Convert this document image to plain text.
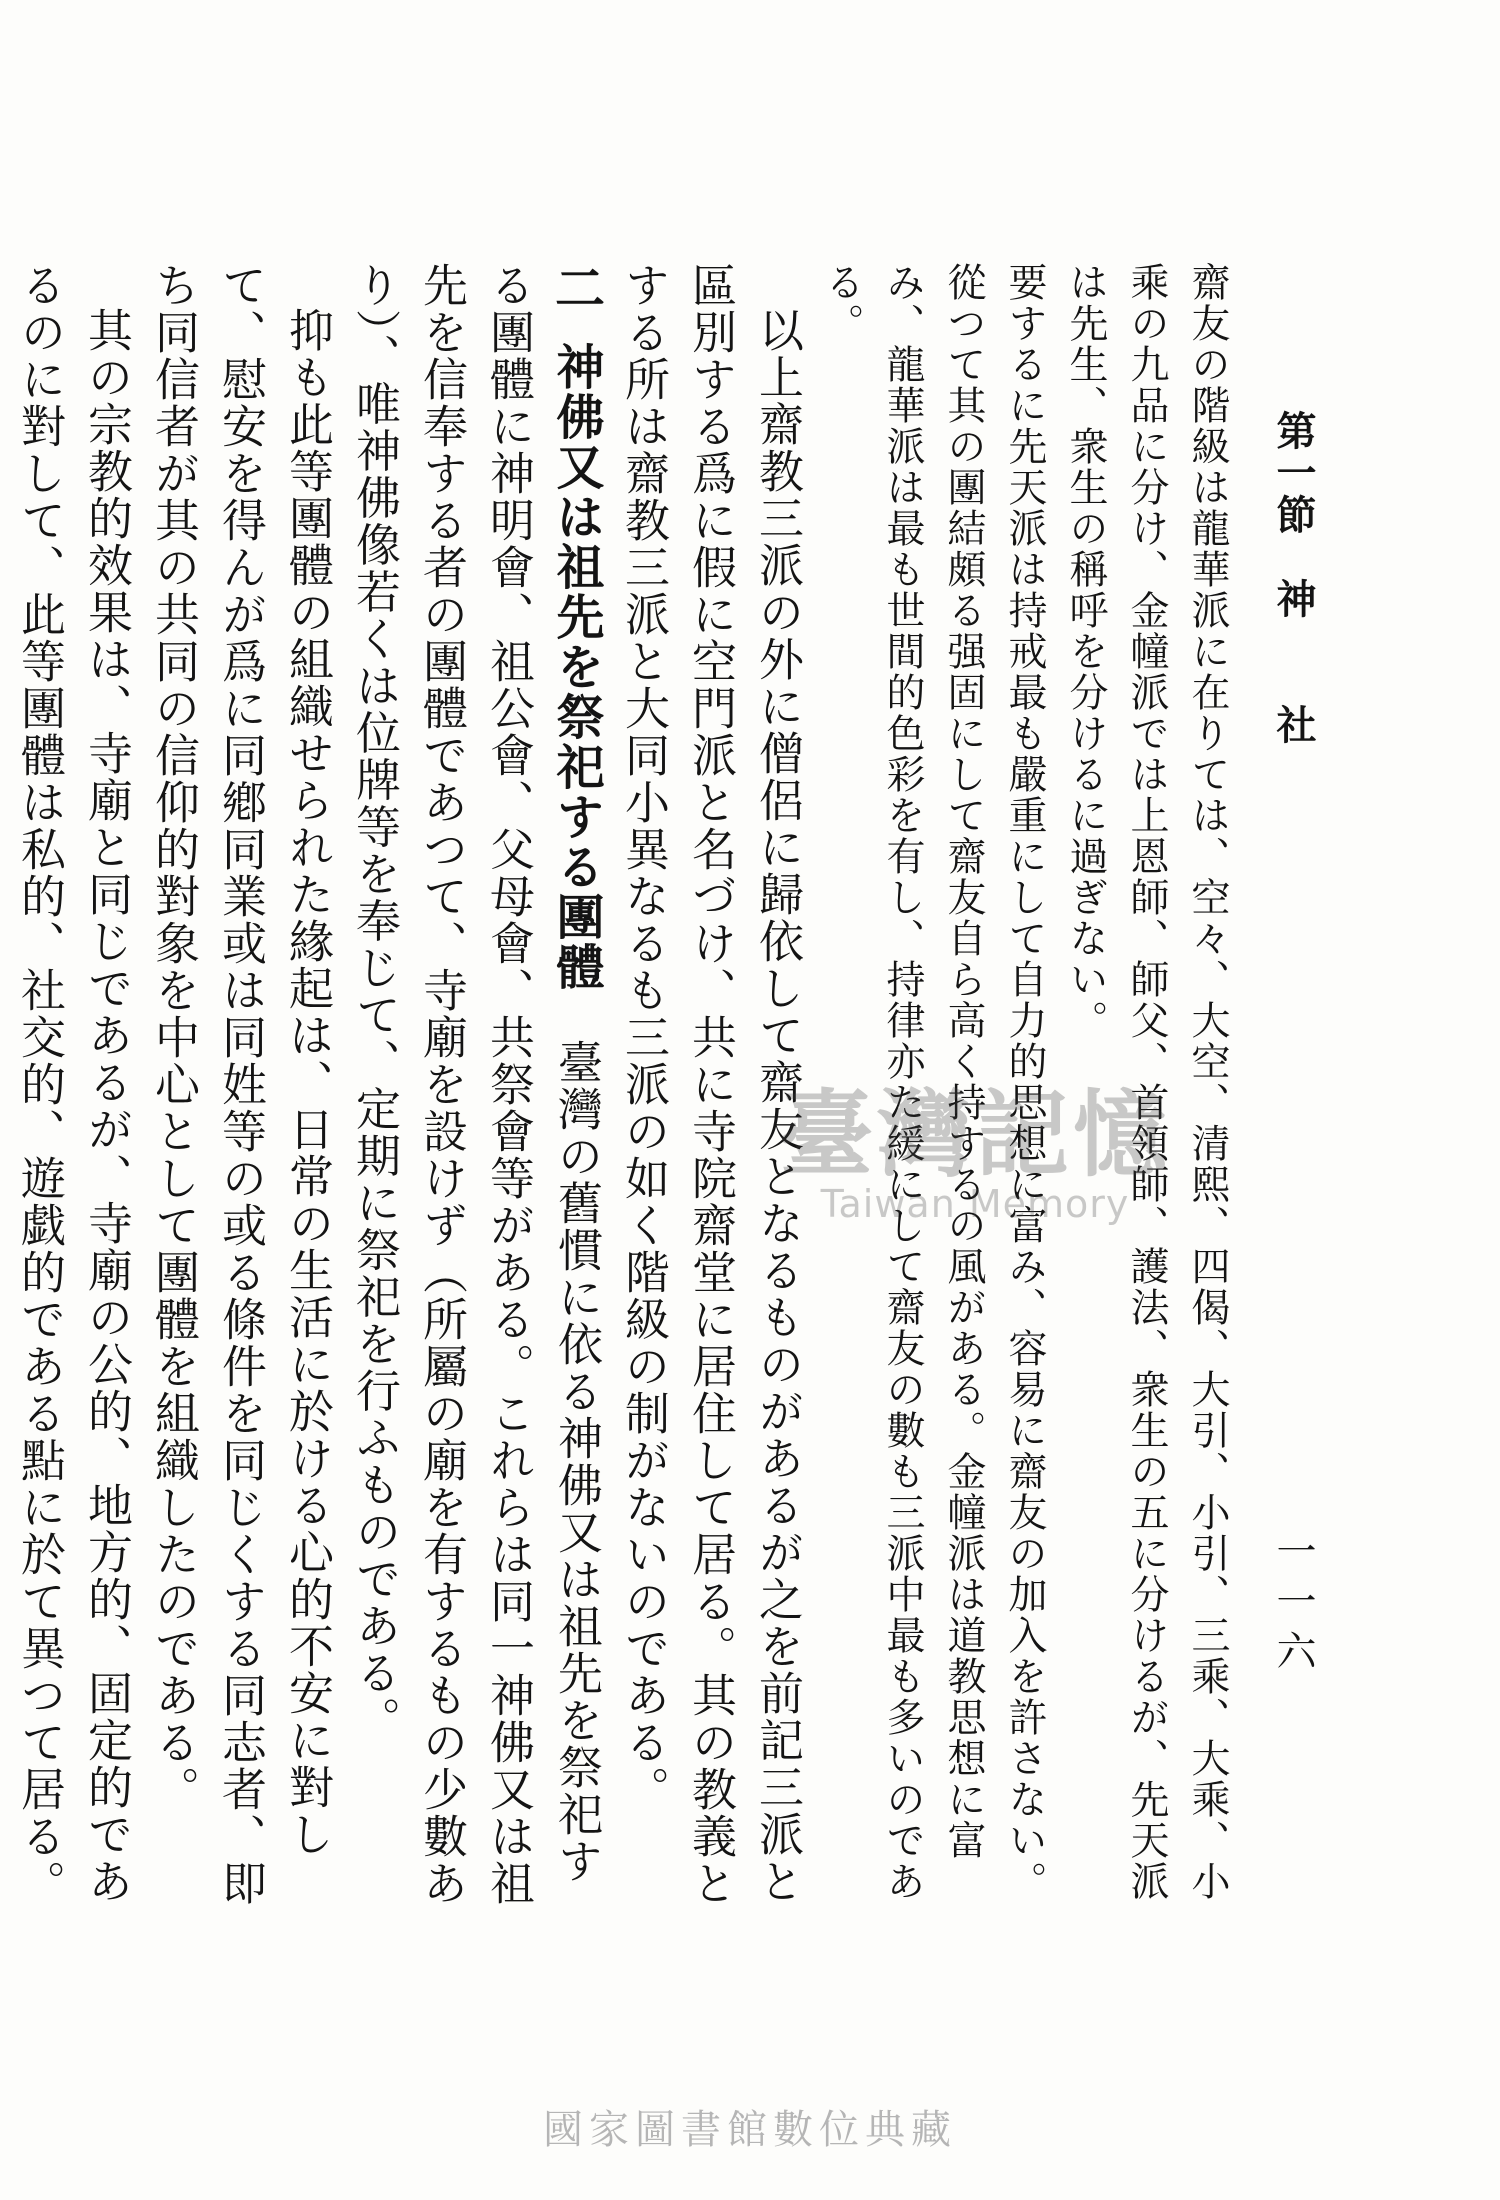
第一節　神　　社
一一六

齋友の階級は龍華派に在りては、空々、大空、清熙、四偈、大引、小引、三乘、大乘、小乘の九品に分け、金幢派では上恩師、師父、首領師、護法、衆生の五に分けるが、先天派は先生、衆生の稱呼を分けるに過ぎない。

要するに先天派は持戒最も嚴重にして自力的思想に富み、容易に齋友の加入を許さない。從つて其の團結頗る强固にして齋友自ら高く持するの風がある。金幢派は道教思想に富み、龍華派は最も世間的色彩を有し、持律亦た緩にして齋友の數も三派中最も多いのである。

以上齋教三派の外に僧侶に歸依して齋友となるものがあるが之を前記三派と區別する爲に假に空門派と名づけ、共に寺院齋堂に居住して居る。其の教義とする所は齋教三派と大同小異なるも三派の如く階級の制がないのである。

二神佛又は祖先を祭祀する團體　臺灣の舊慣に依る神佛又は祖先を祭祀する團體に神明會、祖公會、父母會、共祭會等がある。これらは同一神佛又は祖先を信奉する者の團體であつて、寺廟を設けず（所屬の廟を有するもの少數あり）、唯神佛像若くは位牌等を奉じて、定期に祭祀を行ふものである。

抑も此等團體の組織せられた緣起は、日常の生活に於ける心的不安に對して、慰安を得んが爲に同鄕同業或は同姓等の或る條件を同じくする同志者、即ち同信者が其の共同の信仰的對象を中心として團體を組織したのである。

其の宗教的效果は、寺廟と同じであるが、寺廟の公的、地方的、固定的であるのに對して、此等團體は私的、社交的、遊戯的である點に於て異つて居る。

臺灣記憶
Taiwan Memory
國家圖書館數位典藏
